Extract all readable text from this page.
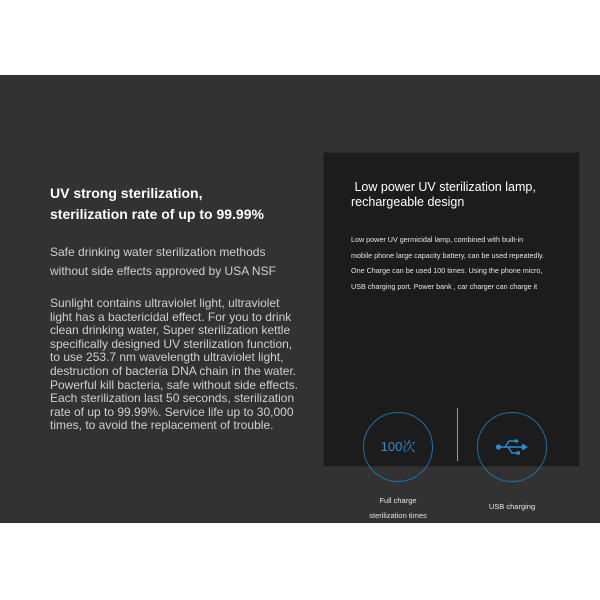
UV strong sterilization,
sterilization rate of up to 99.99%
Safe drinking water sterilization methods
without side effects approved by USA NSF
Sunlight contains ultraviolet light, ultraviolet
light has a bactericidal effect. For you to drink
clean drinking water, Super sterilization kettle
specifically designed UV sterilization function,
to use 253.7 nm wavelength ultraviolet light,
destruction of bacteria DNA chain in the water.
Powerful kill bacteria, safe without side effects.
Each sterilization last 50 seconds, sterilization
rate of up to 99.99%. Service life up to 30,000
times, to avoid the replacement of trouble.
Low power UV sterilization lamp,
rechargeable design
Low power UV germicidal lamp, combined with built-in
mobile phone large capacity battery, can be used repeatedly.
One Charge can be used 100 times. Using the phone micro,
USB charging port. Power bank , car charger can charge it
100次
Full charge
sterilization times
USB charging
